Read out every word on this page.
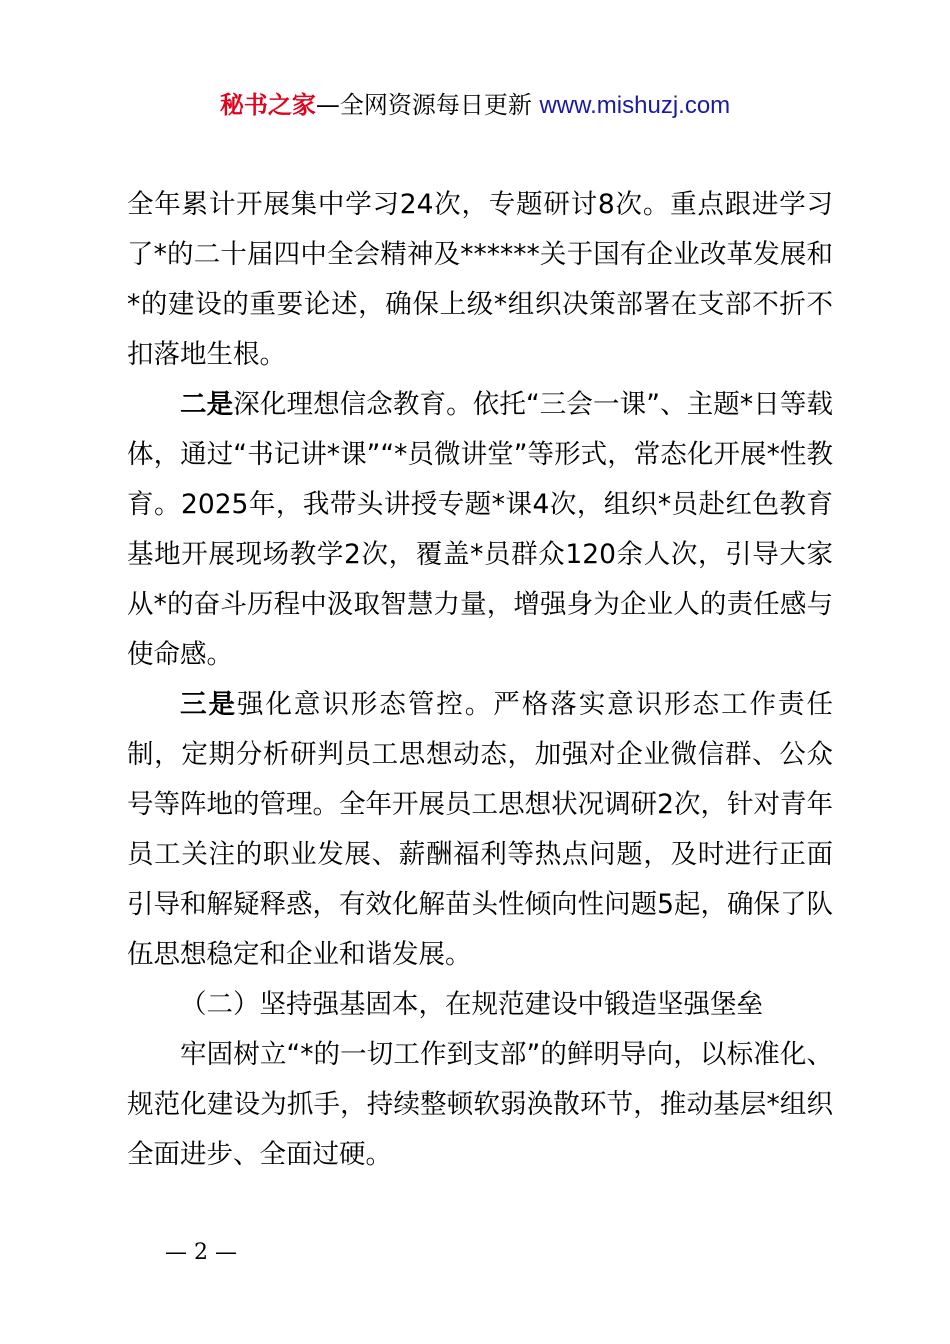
秘书之家—全网资源每日更新 www.mishuzj.com

全年累计开展集中学习24次，专题研讨8次。重点跟进学习了*的二十届四中全会精神及******关于国有企业改革发展和*的建设的重要论述，确保上级*组织决策部署在支部不折不扣落地生根。

二是深化理想信念教育。依托“三会一课”、主题*日等载体，通过“书记讲*课”“*员微讲堂”等形式，常态化开展*性教育。2025年，我带头讲授专题*课4次，组织*员赴红色教育基地开展现场教学2次，覆盖*员群众120余人次，引导大家从*的奋斗历程中汲取智慧力量，增强身为企业人的责任感与使命感。

三是强化意识形态管控。严格落实意识形态工作责任制，定期分析研判员工思想动态，加强对企业微信群、公众号等阵地的管理。全年开展员工思想状况调研2次，针对青年员工关注的职业发展、薪酬福利等热点问题，及时进行正面引导和解疑释惑，有效化解苗头性倾向性问题5起，确保了队伍思想稳定和企业和谐发展。

（二）坚持强基固本，在规范建设中锻造坚强堡垒

牢固树立“*的一切工作到支部”的鲜明导向，以标准化、规范化建设为抓手，持续整顿软弱涣散环节，推动基层*组织全面进步、全面过硬。

— 2 —
